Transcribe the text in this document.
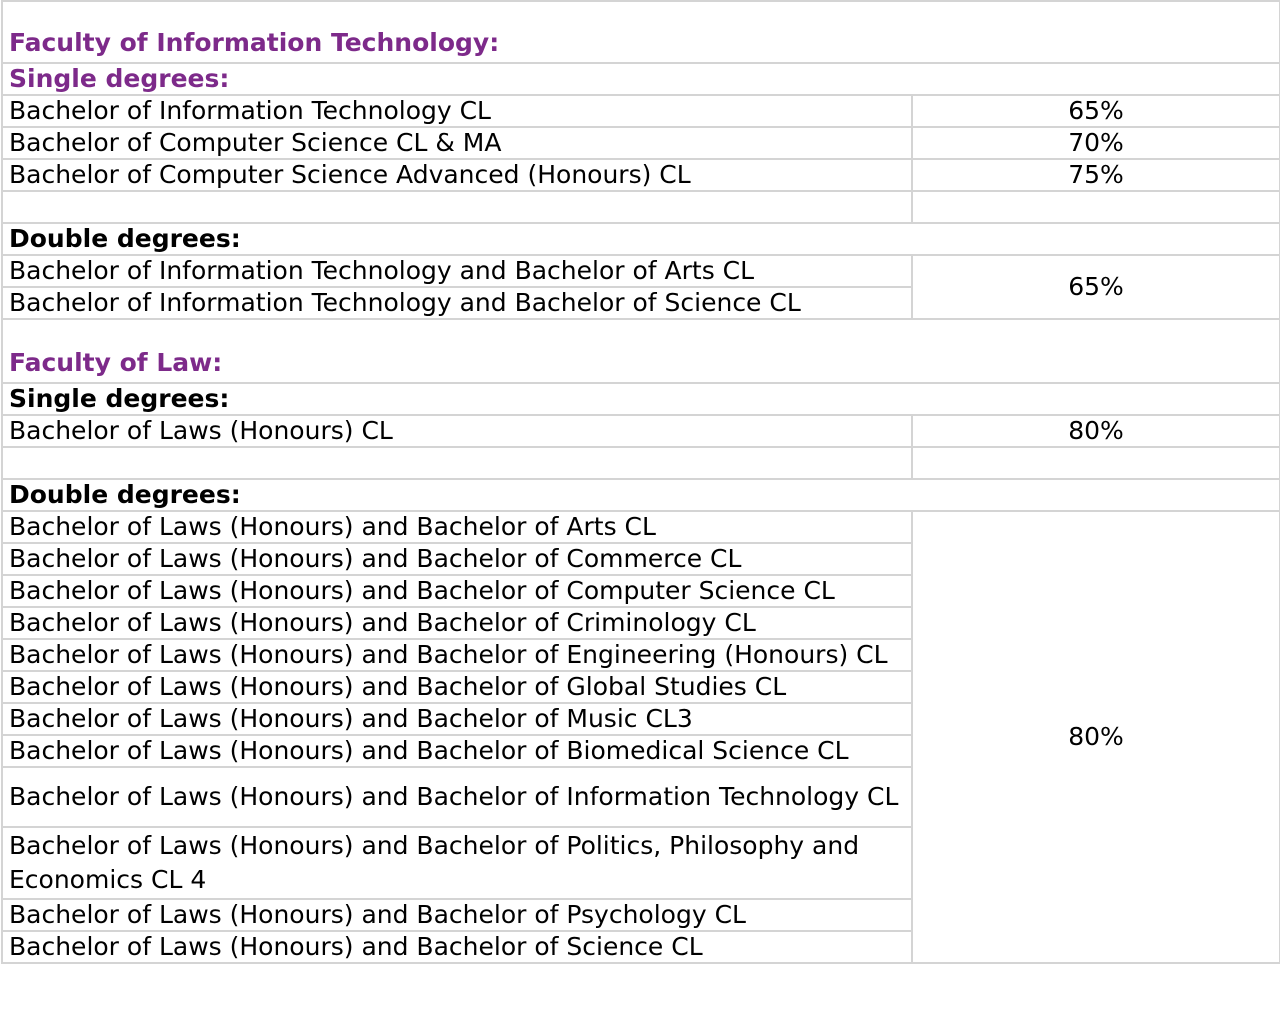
Faculty of Information Technology:	
Single degrees:	
Bachelor of Information Technology CL	65%
Bachelor of Computer Science CL & MA	70%
Bachelor of Computer Science Advanced (Honours) CL	75%

Double degrees:	
Bachelor of Information Technology and Bachelor of Arts CL	65%
Bachelor of Information Technology and Bachelor of Science CL	
Faculty of Law:	
Single degrees:	
Bachelor of Laws (Honours) CL	80%

Double degrees:	
Bachelor of Laws (Honours) and Bachelor of Arts CL	80%
Bachelor of Laws (Honours) and Bachelor of Commerce CL	
Bachelor of Laws (Honours) and Bachelor of Computer Science CL	
Bachelor of Laws (Honours) and Bachelor of Criminology CL	
Bachelor of Laws (Honours) and Bachelor of Engineering (Honours) CL	
Bachelor of Laws (Honours) and Bachelor of Global Studies CL	
Bachelor of Laws (Honours) and Bachelor of Music CL3	
Bachelor of Laws (Honours) and Bachelor of Biomedical Science CL	
Bachelor of Laws (Honours) and Bachelor of Information Technology CL	
Bachelor of Laws (Honours) and Bachelor of Politics, Philosophy and Economics CL 4	
Bachelor of Laws (Honours) and Bachelor of Psychology CL	
Bachelor of Laws (Honours) and Bachelor of Science CL	
